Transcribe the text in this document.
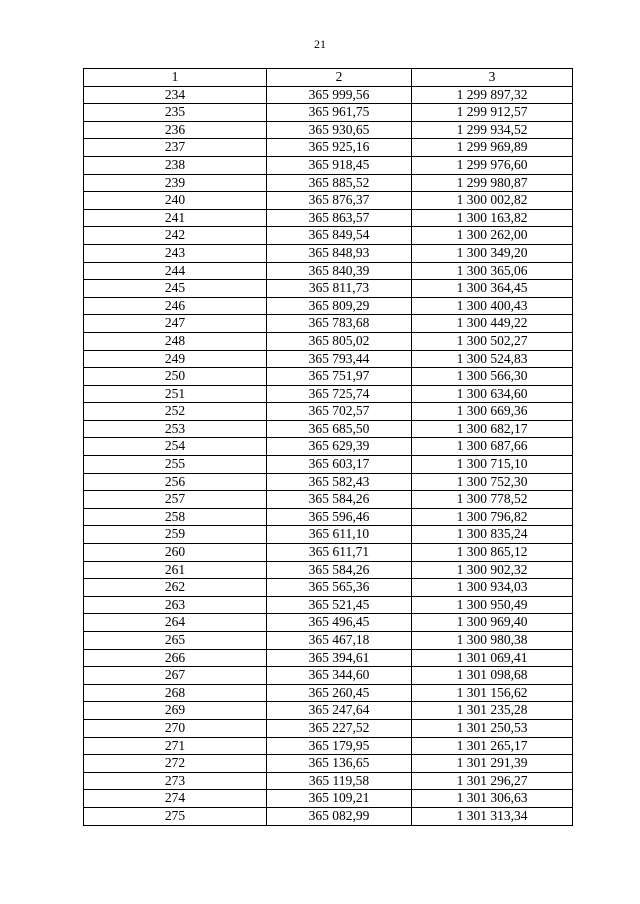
21
1	2	3
234	365 999,56	1 299 897,32
235	365 961,75	1 299 912,57
236	365 930,65	1 299 934,52
237	365 925,16	1 299 969,89
238	365 918,45	1 299 976,60
239	365 885,52	1 299 980,87
240	365 876,37	1 300 002,82
241	365 863,57	1 300 163,82
242	365 849,54	1 300 262,00
243	365 848,93	1 300 349,20
244	365 840,39	1 300 365,06
245	365 811,73	1 300 364,45
246	365 809,29	1 300 400,43
247	365 783,68	1 300 449,22
248	365 805,02	1 300 502,27
249	365 793,44	1 300 524,83
250	365 751,97	1 300 566,30
251	365 725,74	1 300 634,60
252	365 702,57	1 300 669,36
253	365 685,50	1 300 682,17
254	365 629,39	1 300 687,66
255	365 603,17	1 300 715,10
256	365 582,43	1 300 752,30
257	365 584,26	1 300 778,52
258	365 596,46	1 300 796,82
259	365 611,10	1 300 835,24
260	365 611,71	1 300 865,12
261	365 584,26	1 300 902,32
262	365 565,36	1 300 934,03
263	365 521,45	1 300 950,49
264	365 496,45	1 300 969,40
265	365 467,18	1 300 980,38
266	365 394,61	1 301 069,41
267	365 344,60	1 301 098,68
268	365 260,45	1 301 156,62
269	365 247,64	1 301 235,28
270	365 227,52	1 301 250,53
271	365 179,95	1 301 265,17
272	365 136,65	1 301 291,39
273	365 119,58	1 301 296,27
274	365 109,21	1 301 306,63
275	365 082,99	1 301 313,34
